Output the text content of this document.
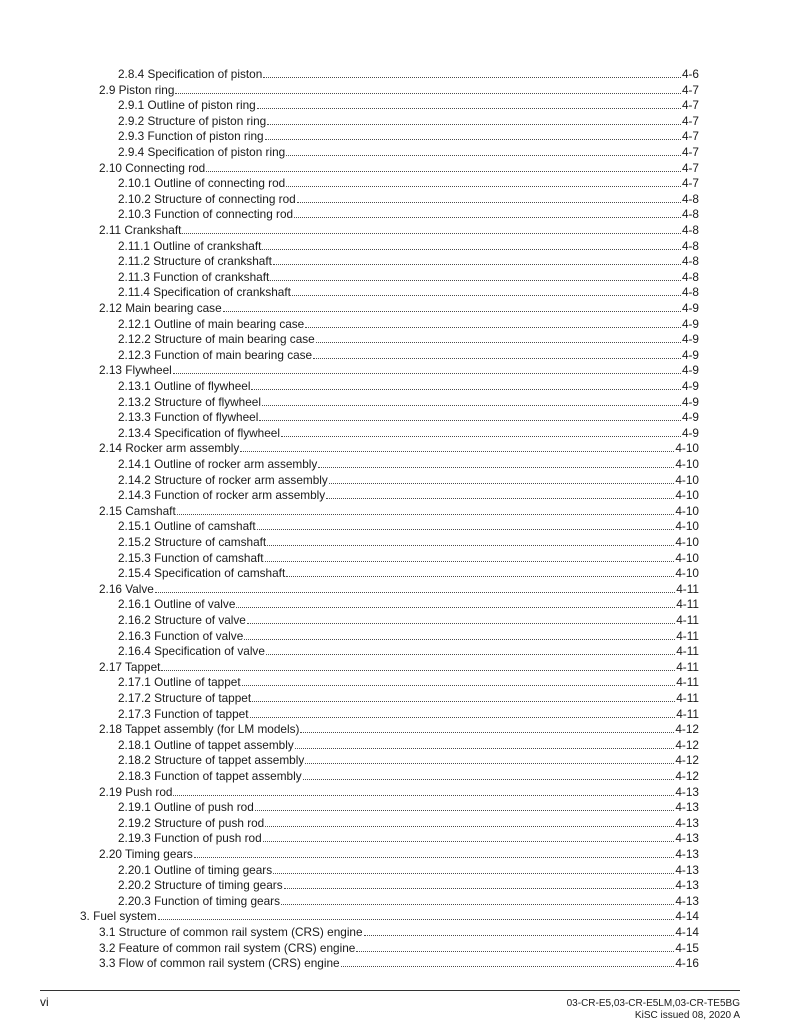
2.8.4 Specification of piston	4-6
2.9 Piston ring	4-7
2.9.1 Outline of piston ring	4-7
2.9.2 Structure of piston ring	4-7
2.9.3 Function of piston ring	4-7
2.9.4 Specification of piston ring	4-7
2.10 Connecting rod	4-7
2.10.1 Outline of connecting rod	4-7
2.10.2 Structure of connecting rod	4-8
2.10.3 Function of connecting rod	4-8
2.11 Crankshaft	4-8
2.11.1 Outline of crankshaft	4-8
2.11.2 Structure of crankshaft	4-8
2.11.3 Function of crankshaft	4-8
2.11.4 Specification of crankshaft	4-8
2.12 Main bearing case	4-9
2.12.1 Outline of main bearing case	4-9
2.12.2 Structure of main bearing case	4-9
2.12.3 Function of main bearing case	4-9
2.13 Flywheel	4-9
2.13.1 Outline of flywheel	4-9
2.13.2 Structure of flywheel	4-9
2.13.3 Function of flywheel	4-9
2.13.4 Specification of flywheel	4-9
2.14 Rocker arm assembly	4-10
2.14.1 Outline of rocker arm assembly	4-10
2.14.2 Structure of rocker arm assembly	4-10
2.14.3 Function of rocker arm assembly	4-10
2.15 Camshaft	4-10
2.15.1 Outline of camshaft	4-10
2.15.2 Structure of camshaft	4-10
2.15.3 Function of camshaft	4-10
2.15.4 Specification of camshaft	4-10
2.16 Valve	4-11
2.16.1 Outline of valve	4-11
2.16.2 Structure of valve	4-11
2.16.3 Function of valve	4-11
2.16.4 Specification of valve	4-11
2.17 Tappet	4-11
2.17.1 Outline of tappet	4-11
2.17.2 Structure of tappet	4-11
2.17.3 Function of tappet	4-11
2.18 Tappet assembly (for LM models)	4-12
2.18.1 Outline of tappet assembly	4-12
2.18.2 Structure of tappet assembly	4-12
2.18.3 Function of tappet assembly	4-12
2.19 Push rod	4-13
2.19.1 Outline of push rod	4-13
2.19.2 Structure of push rod	4-13
2.19.3 Function of push rod	4-13
2.20 Timing gears	4-13
2.20.1 Outline of timing gears	4-13
2.20.2 Structure of timing gears	4-13
2.20.3 Function of timing gears	4-13
3. Fuel system	4-14
3.1 Structure of common rail system (CRS) engine	4-14
3.2 Feature of common rail system (CRS) engine	4-15
3.3 Flow of common rail system (CRS) engine	4-16
vi	03-CR-E5,03-CR-E5LM,03-CR-TE5BG
KiSC issued 08, 2020 A
